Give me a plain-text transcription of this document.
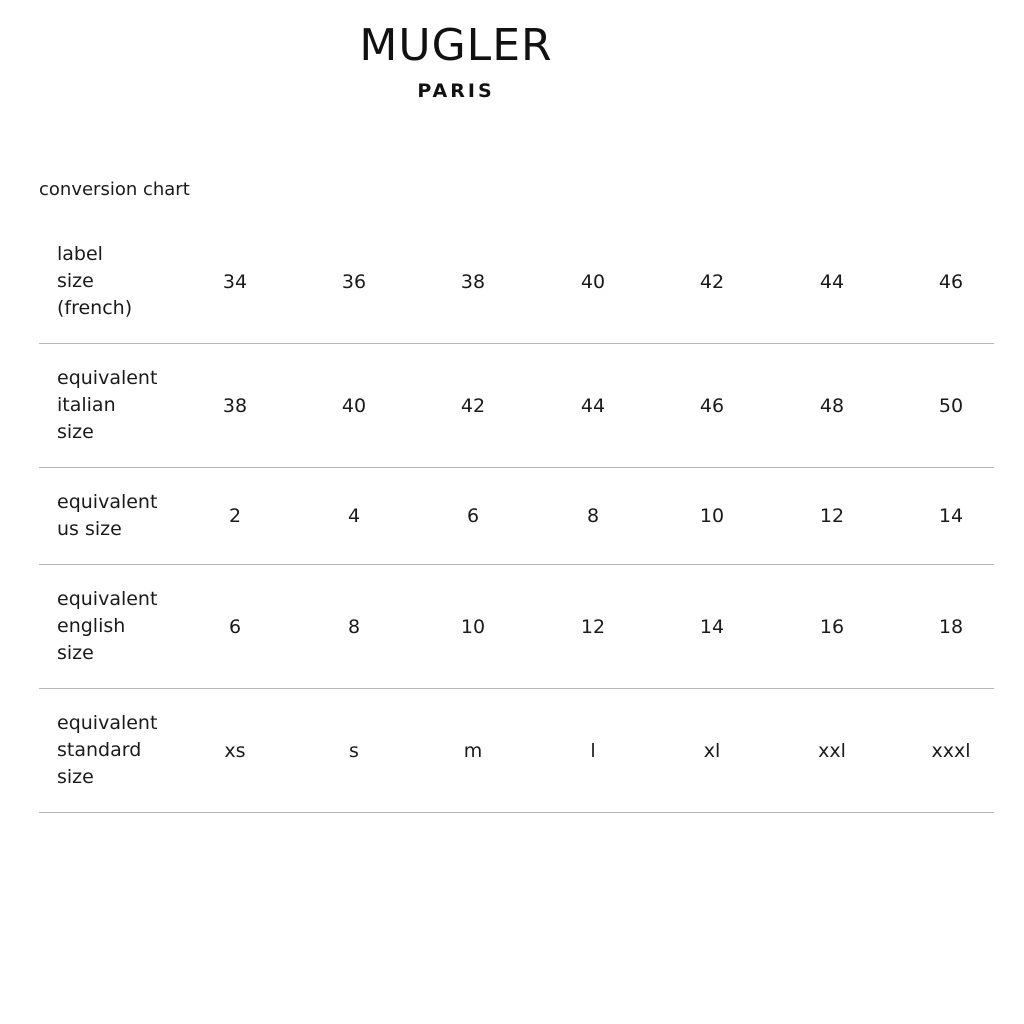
MUGLER
PARIS
conversion chart
label
size
(french)
34	36	38	40	42	44	46
equivalent
italian
size
38	40	42	44	46	48	50
equivalent
us size
2	4	6	8	10	12	14
equivalent
english
size
6	8	10	12	14	16	18
equivalent
standard
size
xs	s	m	l	xl	xxl	xxxl
